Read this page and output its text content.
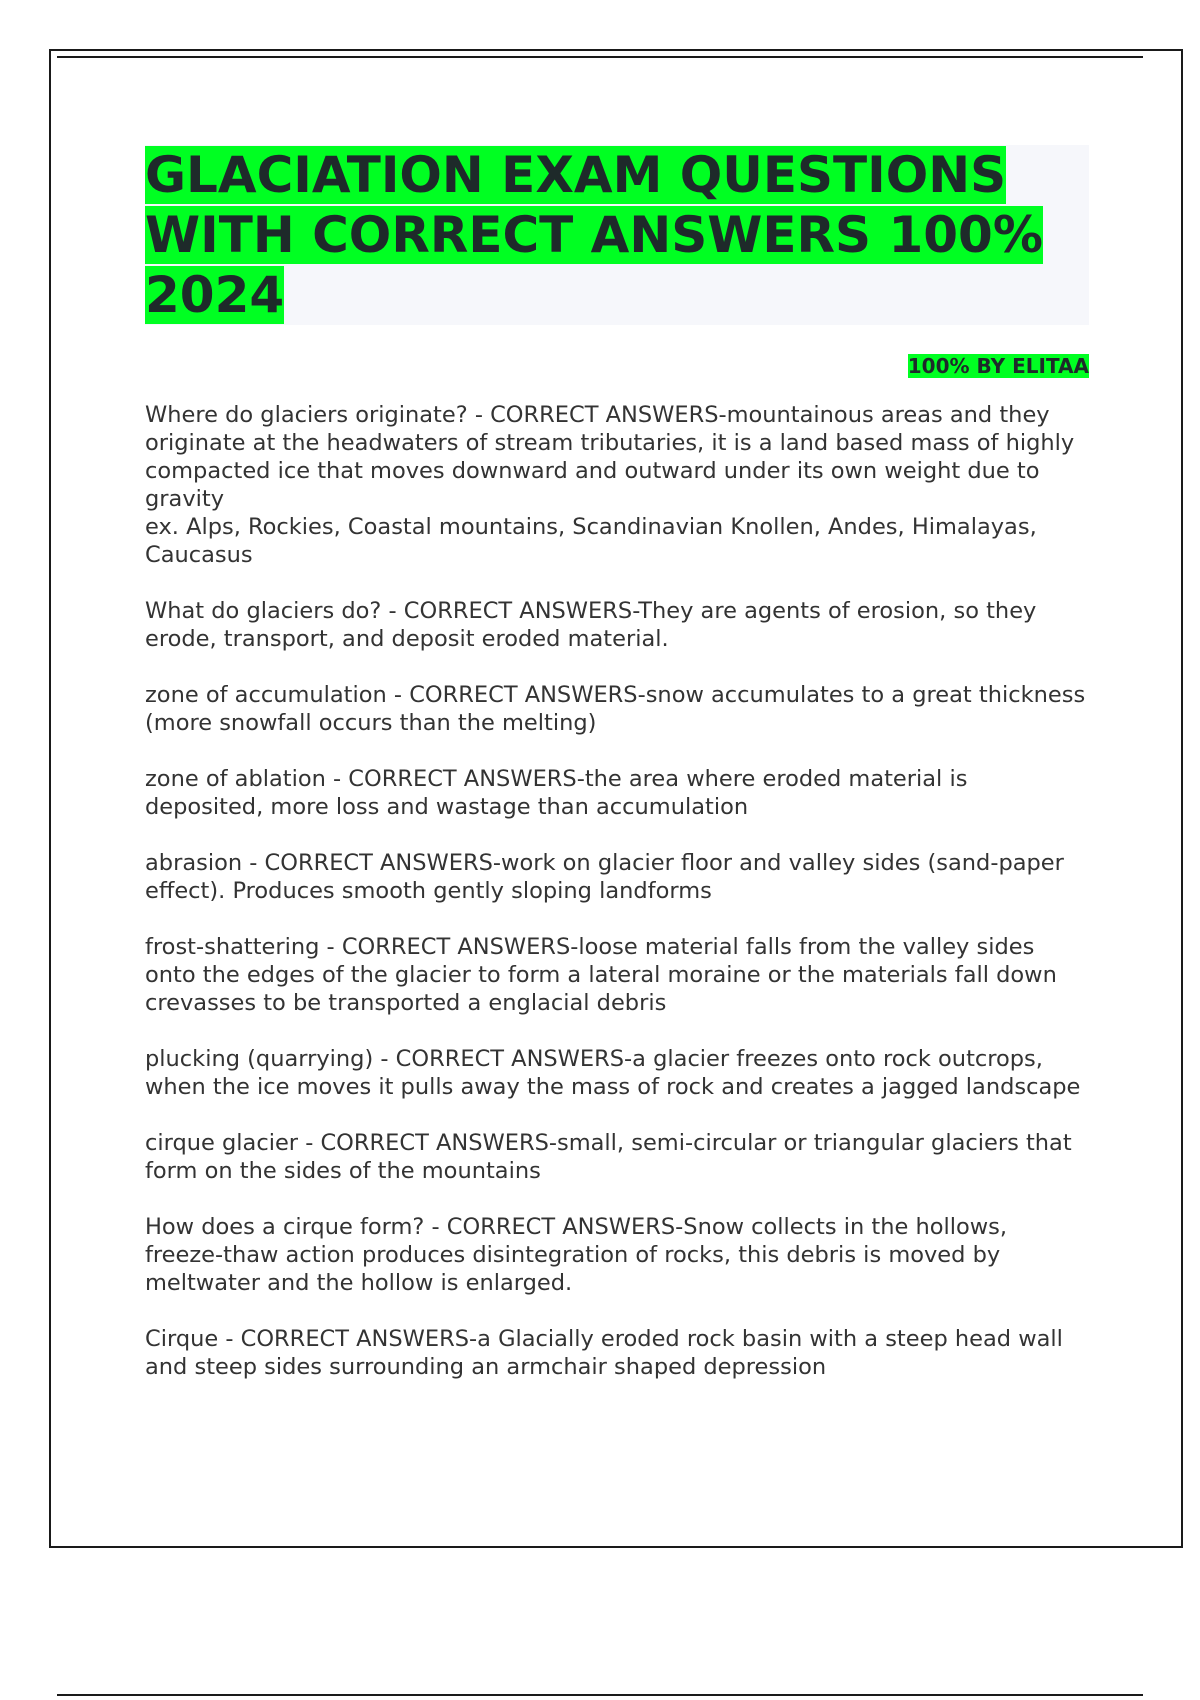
GLACIATION EXAM QUESTIONS WITH CORRECT ANSWERS 100% 2024
100% BY ELITAA

Where do glaciers originate? - CORRECT ANSWERS-mountainous areas and they originate at the headwaters of stream tributaries, it is a land based mass of highly compacted ice that moves downward and outward under its own weight due to gravity
ex. Alps, Rockies, Coastal mountains, Scandinavian Knollen, Andes, Himalayas, Caucasus

What do glaciers do? - CORRECT ANSWERS-They are agents of erosion, so they erode, transport, and deposit eroded material.

zone of accumulation - CORRECT ANSWERS-snow accumulates to a great thickness (more snowfall occurs than the melting)

zone of ablation - CORRECT ANSWERS-the area where eroded material is deposited, more loss and wastage than accumulation

abrasion - CORRECT ANSWERS-work on glacier floor and valley sides (sand-paper effect). Produces smooth gently sloping landforms

frost-shattering - CORRECT ANSWERS-loose material falls from the valley sides onto the edges of the glacier to form a lateral moraine or the materials fall down crevasses to be transported a englacial debris

plucking (quarrying) - CORRECT ANSWERS-a glacier freezes onto rock outcrops, when the ice moves it pulls away the mass of rock and creates a jagged landscape

cirque glacier - CORRECT ANSWERS-small, semi-circular or triangular glaciers that form on the sides of the mountains

How does a cirque form? - CORRECT ANSWERS-Snow collects in the hollows, freeze-thaw action produces disintegration of rocks, this debris is moved by meltwater and the hollow is enlarged.

Cirque - CORRECT ANSWERS-a Glacially eroded rock basin with a steep head wall and steep sides surrounding an armchair shaped depression
